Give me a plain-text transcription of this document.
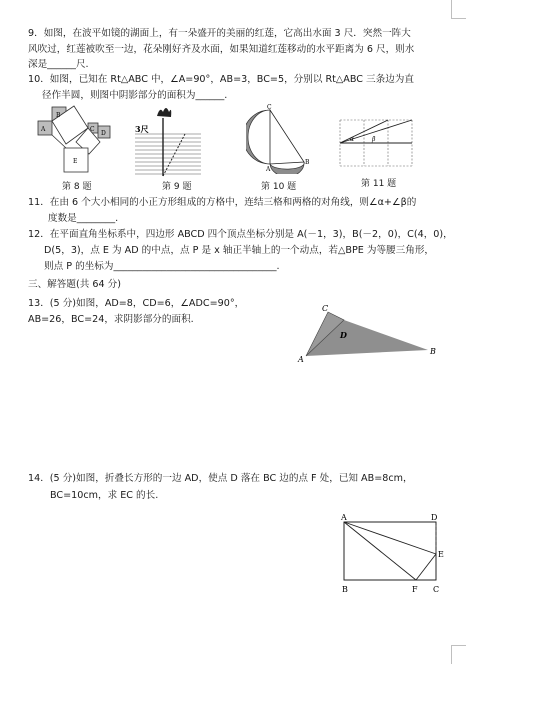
9．如图，在波平如镜的湖面上，有一朵盛开的美丽的红莲，它高出水面 3 尺．突然一阵大
风吹过，红莲被吹至一边，花朵刚好齐及水面，如果知道红莲移动的水平距离为 6 尺，则水
深是______尺.
10．如图，已知在 Rt△ABC 中，∠A=90°，AB=3，BC=5，分别以 Rt△ABC 三条边为直
径作半圆，则图中阴影部分的面积为______.
A
B
C
D
E
第 8 题
3尺
第 9 题
C
B
A
第 10 题
α	β
第 11 题
11．在由 6 个大小相同的小正方形组成的方格中，连结三格和两格的对角线，则∠α+∠β的
度数是________.
12．在平面直角坐标系中，四边形 ABCD 四个顶点坐标分别是 A(－1，3)，B(－2，0)，C(4，0)，
D(5，3)，点 E 为 AD 的中点，点 P 是 x 轴正半轴上的一个动点，若△BPE 为等腰三角形，
则点 P 的坐标为__________________________________.
三、解答题(共 64 分)
13．(5 分)如图，AD=8，CD=6，∠ADC=90°，
AB=26，BC=24，求阴影部分的面积.
C
D
A
B
14．(5 分)如图，折叠长方形的一边 AD，使点 D 落在 BC 边的点 F 处，已知 AB=8cm，
BC=10cm，求 EC 的长.
A	D
E
B	F C
